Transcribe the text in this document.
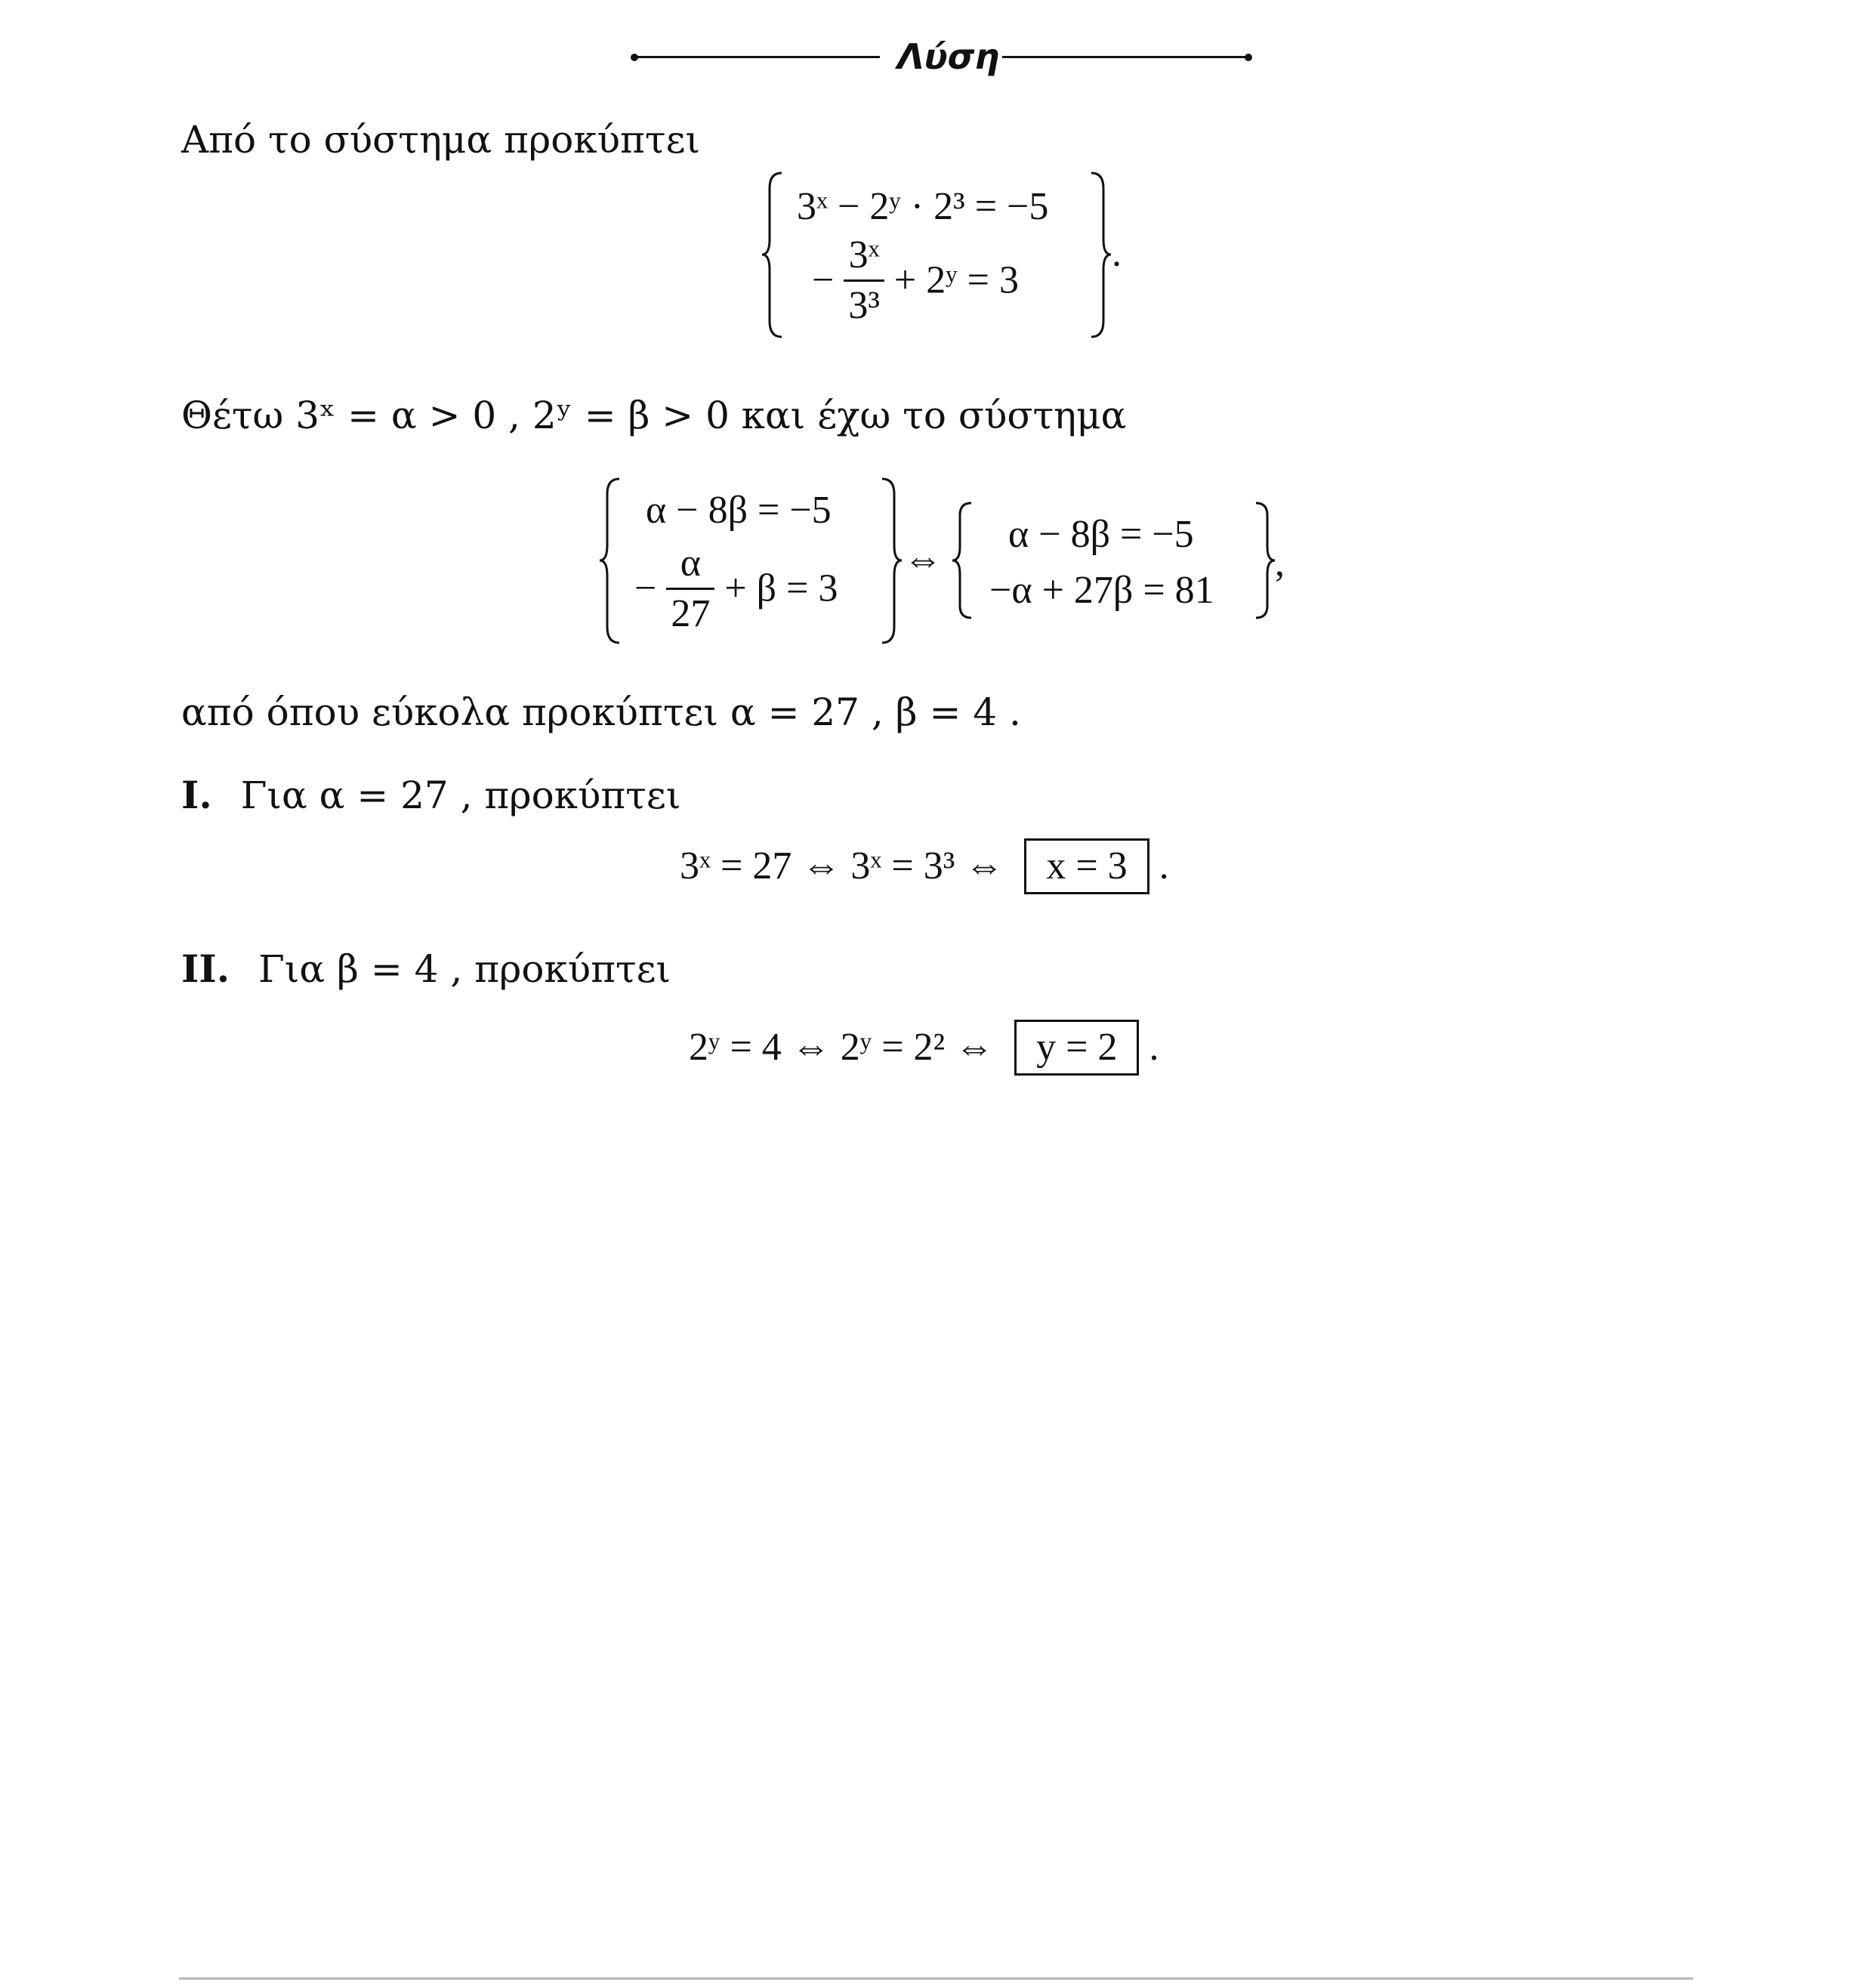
Λύση
Από το σύστημα προκύπτει
3ˣ − 2ʸ · 2³ = −5
− $\frac{\text{3ˣ}}{\text{3³}}$ + 2ʸ = 3
.
Θέτω 3ˣ = α > 0 , 2ʸ = β > 0 και έχω το σύστημα
α − 8β = −5
− $\frac{\alpha}{27} + \beta = 3$
⇔
α − 8β = −5
−α + 27β = 81
,
από όπου εύκολα προκύπτει α = 27 , β = 4 .
I. Για α = 27 , προκύπτει
3ˣ = 27 ⇔ 3ˣ = 3³ ⇔ x = 3 .
II. Για β = 4 , προκύπτει
2ʸ = 4 ⇔ 2ʸ = 2² ⇔ y = 2 .
